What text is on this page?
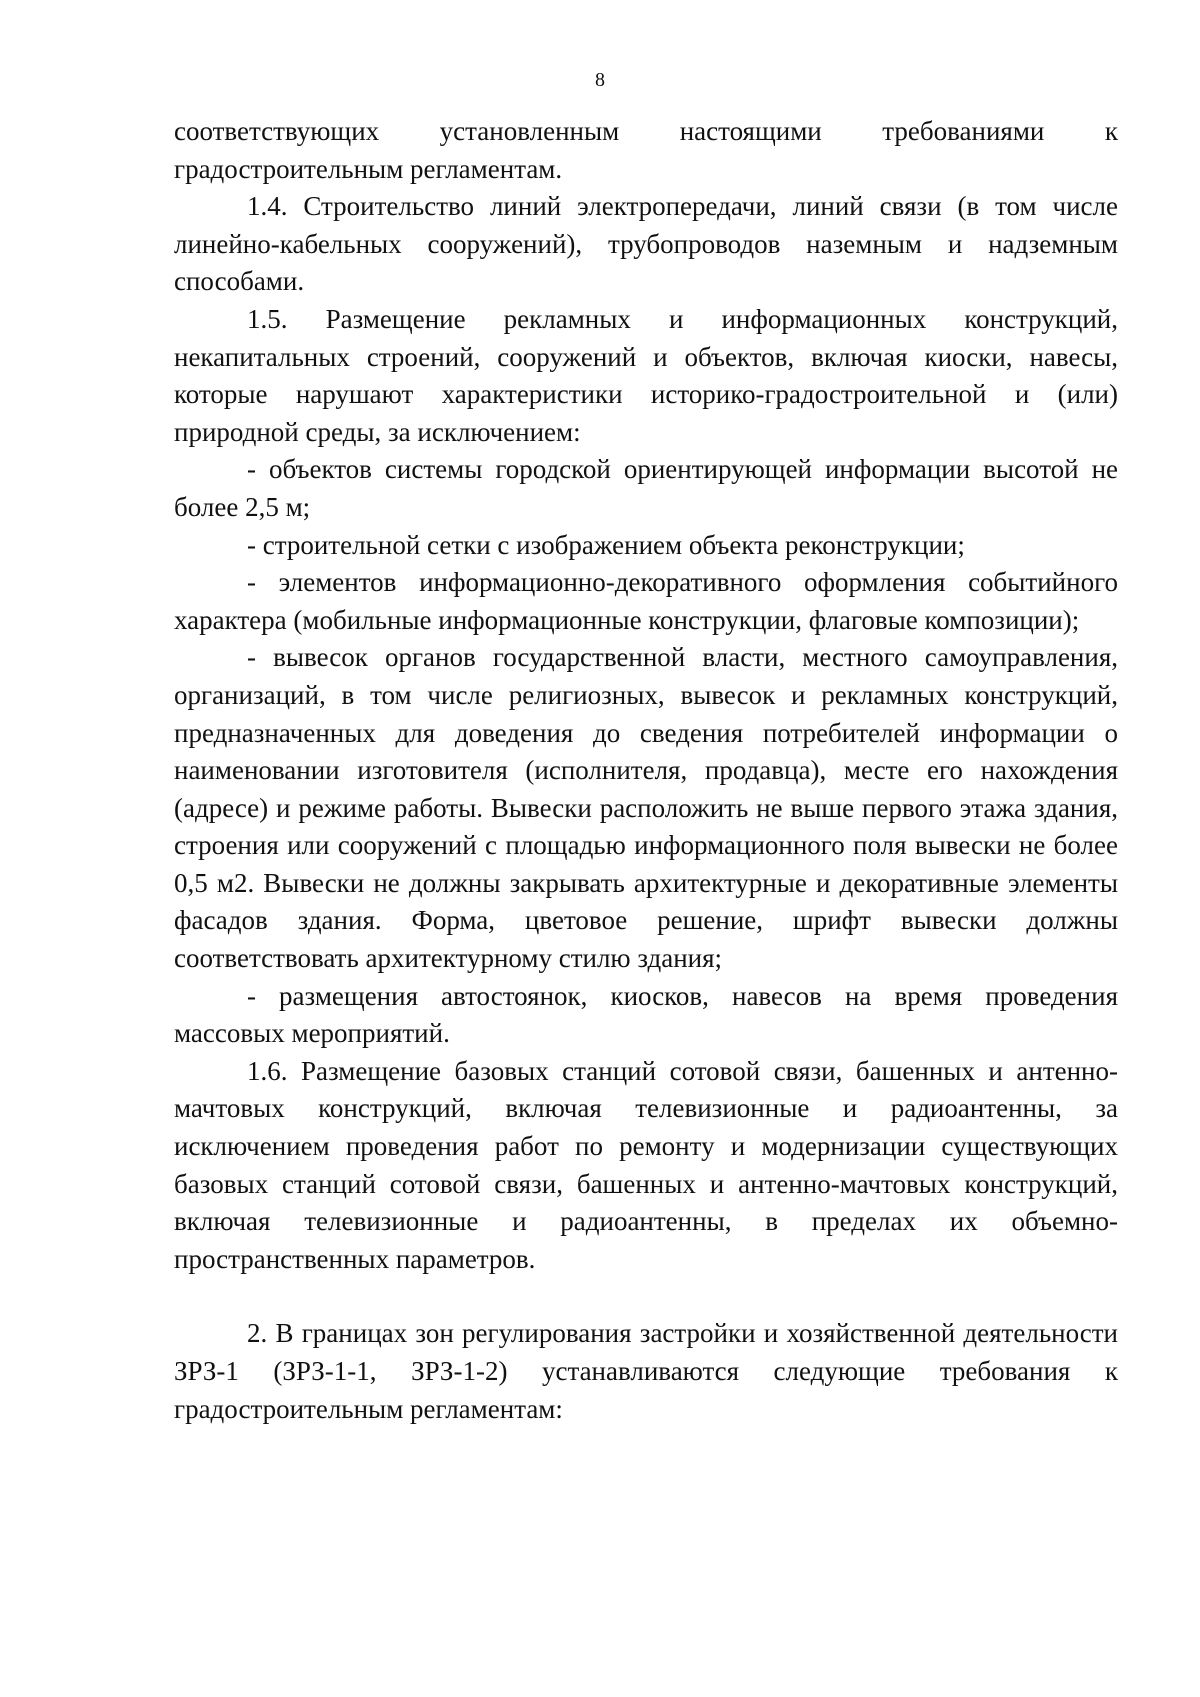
8

соответствующих установленным настоящими требованиями к градостроительным регламентам.

1.4. Строительство линий электропередачи, линий связи (в том числе линейно-кабельных сооружений), трубопроводов наземным и надземным способами.

1.5. Размещение рекламных и информационных конструкций, некапитальных строений, сооружений и объектов, включая киоски, навесы, которые нарушают характеристики историко-градостроительной и (или) природной среды, за исключением:

- объектов системы городской ориентирующей информации высотой не более 2,5 м;

- строительной сетки с изображением объекта реконструкции;

- элементов информационно-декоративного оформления событийного характера (мобильные информационные конструкции, флаговые композиции);

- вывесок органов государственной власти, местного самоуправления, организаций, в том числе религиозных, вывесок и рекламных конструкций, предназначенных для доведения до сведения потребителей информации о наименовании изготовителя (исполнителя, продавца), месте его нахождения (адресе) и режиме работы. Вывески расположить не выше первого этажа здания, строения или сооружений с площадью информационного поля вывески не более 0,5 м2. Вывески не должны закрывать архитектурные и декоративные элементы фасадов здания. Форма, цветовое решение, шрифт вывески должны соответствовать архитектурному стилю здания;

- размещения автостоянок, киосков, навесов на время проведения массовых мероприятий.

1.6. Размещение базовых станций сотовой связи, башенных и антенно-мачтовых конструкций, включая телевизионные и радиоантенны, за исключением проведения работ по ремонту и модернизации существующих базовых станций сотовой связи, башенных и антенно-мачтовых конструкций, включая телевизионные и радиоантенны, в пределах их объемно-пространственных параметров.

2. В границах зон регулирования застройки и хозяйственной деятельности ЗРЗ-1 (ЗРЗ-1-1, ЗРЗ-1-2) устанавливаются следующие требования к градостроительным регламентам:
